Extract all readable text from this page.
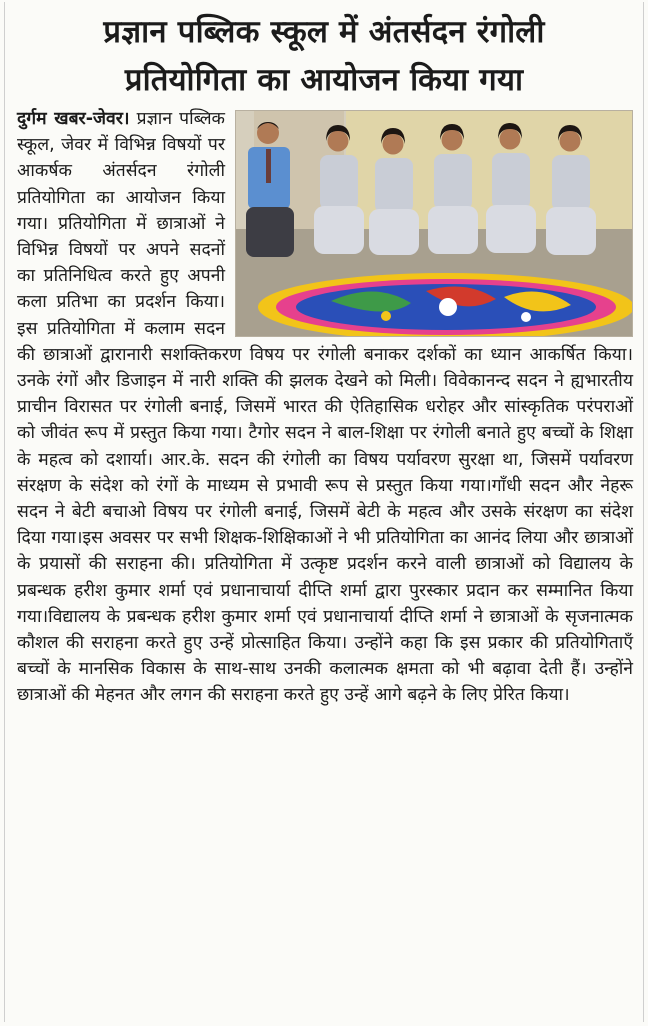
प्रज्ञान पब्लिक स्कूल में अंतर्सदन रंगोली
प्रतियोगिता का आयोजन किया गया

दुर्गम खबर-जेवर। प्रज्ञान पब्लिक स्कूल, जेवर में विभिन्न विषयों पर आकर्षक अंतर्सदन रंगोली प्रतियोगिता का आयोजन किया गया। प्रतियोगिता में छात्राओं ने विभिन्न विषयों पर अपने सदनों का प्रतिनिधित्व करते हुए अपनी कला प्रतिभा का प्रदर्शन किया। इस प्रतियोगिता में कलाम सदन की छात्राओं द्वारानारी सशक्तिकरण विषय पर रंगोली बनाकर दर्शकों का ध्यान आकर्षित किया। उनके रंगों और डिजाइन में नारी शक्ति की झलक देखने को मिली। विवेकानन्द सदन ने ह्यभारतीय प्राचीन विरासत पर रंगोली बनाई, जिसमें भारत की ऐतिहासिक धरोहर और सांस्कृतिक परंपराओं को जीवंत रूप में प्रस्तुत किया गया। टैगोर सदन ने बाल-शिक्षा पर रंगोली बनाते हुए बच्चों के शिक्षा के महत्व को दशार्या। आर.के. सदन की रंगोली का विषय पर्यावरण सुरक्षा था, जिसमें पर्यावरण संरक्षण के संदेश को रंगों के माध्यम से प्रभावी रूप से प्रस्तुत किया गया।गाँधी सदन और नेहरू सदन ने बेटी बचाओ विषय पर रंगोली बनाई, जिसमें बेटी के महत्व और उसके संरक्षण का संदेश दिया गया।इस अवसर पर सभी शिक्षक-शिक्षिकाओं ने भी प्रतियोगिता का आनंद लिया और छात्राओं के प्रयासों की सराहना की। प्रतियोगिता में उत्कृष्ट प्रदर्शन करने वाली छात्राओं को विद्यालय के प्रबन्धक हरीश कुमार शर्मा एवं प्रधानाचार्या दीप्ति शर्मा द्वारा पुरस्कार प्रदान कर सम्मानित किया गया।विद्यालय के प्रबन्धक हरीश कुमार शर्मा एवं प्रधानाचार्या दीप्ति शर्मा ने छात्राओं के सृजनात्मक कौशल की सराहना करते हुए उन्हें प्रोत्साहित किया। उन्होंने कहा कि इस प्रकार की प्रतियोगिताएँ बच्चों के मानसिक विकास के साथ-साथ उनकी कलात्मक क्षमता को भी बढ़ावा देती हैं। उन्होंने छात्राओं की मेहनत और लगन की सराहना करते हुए उन्हें आगे बढ़ने के लिए प्रेरित किया।
